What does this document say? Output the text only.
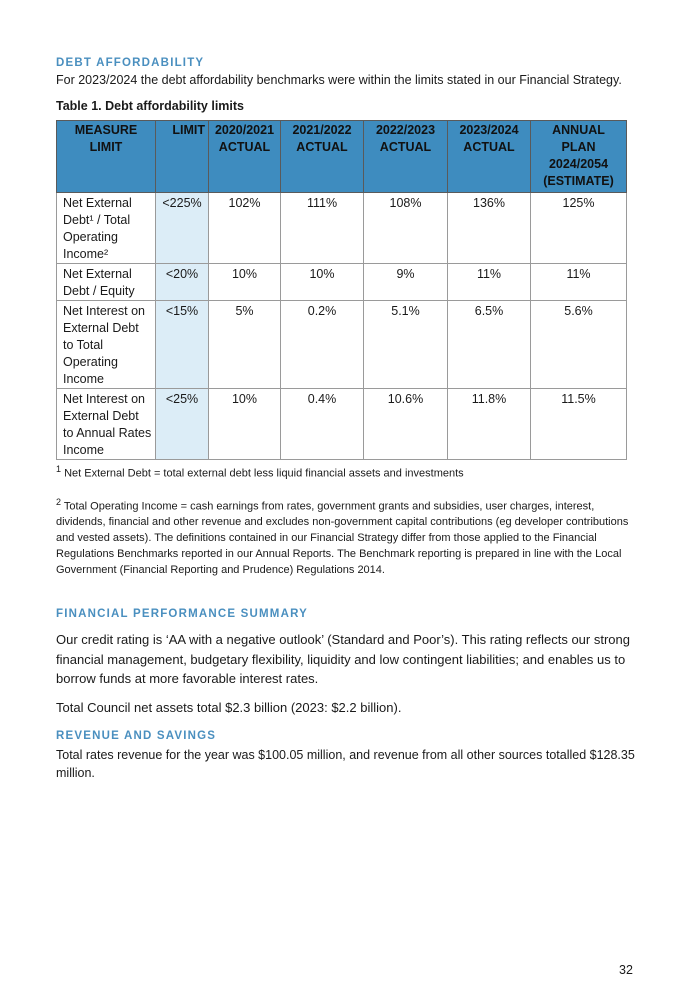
DEBT AFFORDABILITY

For 2023/2024 the debt affordability benchmarks were within the limits stated in our Financial Strategy.

Table 1. Debt affordability limits

MEASURE LIMIT	LIMIT	2020/2021 ACTUAL	2021/2022 ACTUAL	2022/2023 ACTUAL	2023/2024 ACTUAL	ANNUAL PLAN 2024/2054 (ESTIMATE)
Net External Debt¹ / Total Operating Income²	<225%	102%	111%	108%	136%	125%
Net External Debt / Equity	<20%	10%	10%	9%	11%	11%
Net Interest on External Debt to Total Operating Income	<15%	5%	0.2%	5.1%	6.5%	5.6%
Net Interest on External Debt to Annual Rates Income	<25%	10%	0.4%	10.6%	11.8%	11.5%

$^1$ Net External Debt = total external debt less liquid financial assets and investments

$^2$ Total Operating Income = cash earnings from rates, government grants and subsidies, user charges, interest, dividends, financial and other revenue and excludes non-government capital contributions (eg developer contributions and vested assets). The definitions contained in our Financial Strategy differ from those applied to the Financial Regulations Benchmarks reported in our Annual Reports. The Benchmark reporting is prepared in line with the Local Government (Financial Reporting and Prudence) Regulations 2014.

FINANCIAL PERFORMANCE SUMMARY

Our credit rating is ‘AA with a negative outlook’ (Standard and Poor’s). This rating reflects our strong financial management, budgetary flexibility, liquidity and low contingent liabilities; and enables us to borrow funds at more favorable interest rates.

Total Council net assets total $2.3 billion (2023: $2.2 billion).

REVENUE AND SAVINGS

Total rates revenue for the year was $100.05 million, and revenue from all other sources totalled $128.35 million.

32
